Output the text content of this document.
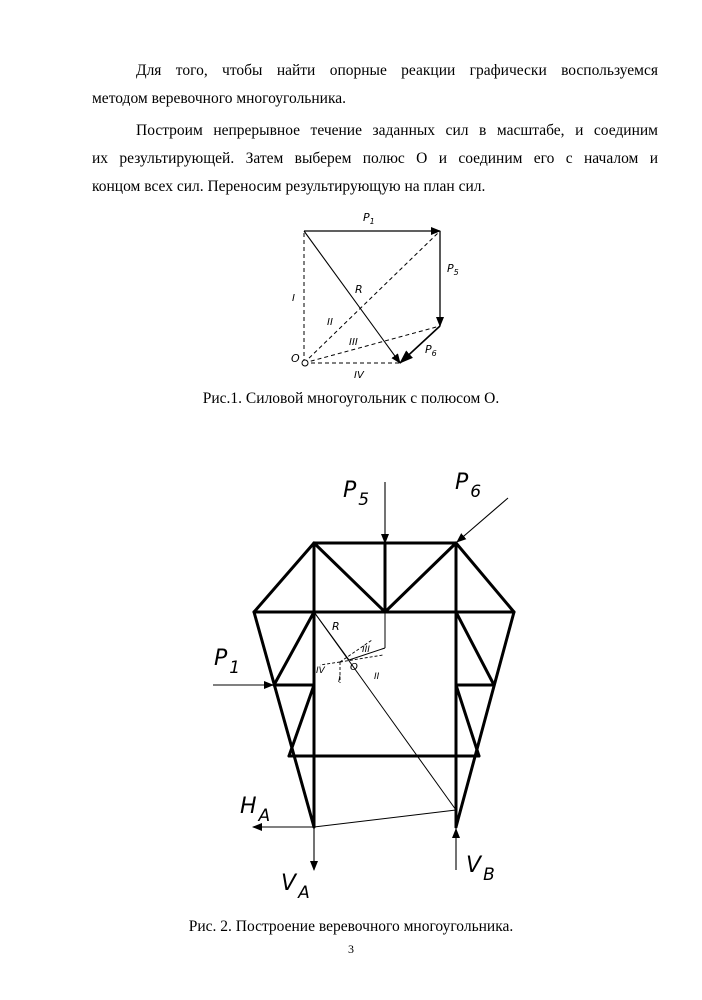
Для того, чтобы найти опорные реакции графически воспользуемся
методом веревочного многоугольника.
Построим непрерывное течение заданных сил в масштабе, и соединим
их результирующей. Затем выберем полюс О и соединим его с началом и
концом всех сил. Переносим результирующую на план сил.
$P_1$
$P_5$
$P_6$
R
O
I
II
III
IV

Рис.1. Силовой многоугольник с полюсом О.

P $_5$
P $_6$
P $_1$
H $_A$
V $_A$
V $_B$
R
O
I	II
III
IV

Рис. 2. Построение веревочного многоугольника.

3
